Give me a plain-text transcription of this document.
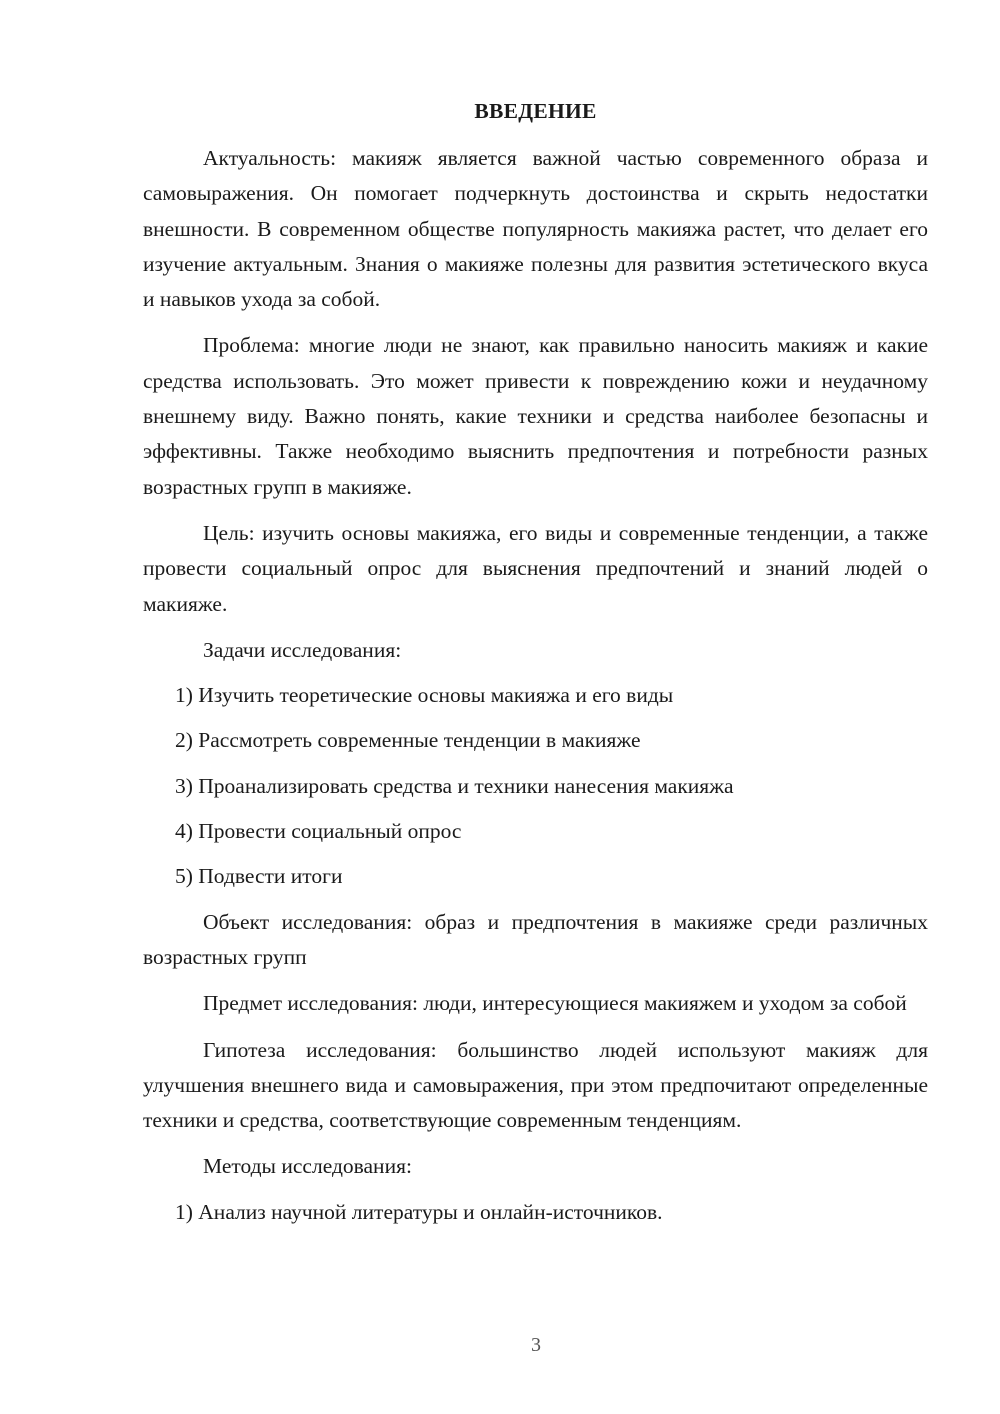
ВВЕДЕНИЕ

Актуальность: макияж является важной частью современного образа и самовыражения. Он помогает подчеркнуть достоинства и скрыть недостатки внешности. В современном обществе популярность макияжа растет, что делает его изучение актуальным. Знания о макияже полезны для развития эстетического вкуса и навыков ухода за собой.

Проблема: многие люди не знают, как правильно наносить макияж и какие средства использовать. Это может привести к повреждению кожи и неудачному внешнему виду. Важно понять, какие техники и средства наиболее безопасны и эффективны. Также необходимо выяснить предпочтения и потребности разных возрастных групп в макияже.

Цель: изучить основы макияжа, его виды и современные тенденции, а также провести социальный опрос для выяснения предпочтений и знаний людей о макияже.

Задачи исследования:

1) Изучить теоретические основы макияжа и его виды

2) Рассмотреть современные тенденции в макияже

3) Проанализировать средства и техники нанесения макияжа

4) Провести социальный опрос

5) Подвести итоги

Объект исследования: образ и предпочтения в макияже среди различных возрастных групп

Предмет исследования: люди, интересующиеся макияжем и уходом за собой

Гипотеза исследования: большинство людей используют макияж для улучшения внешнего вида и самовыражения, при этом предпочитают определенные техники и средства, соответствующие современным тенденциям.

Методы исследования:

1) Анализ научной литературы и онлайн-источников.

3
